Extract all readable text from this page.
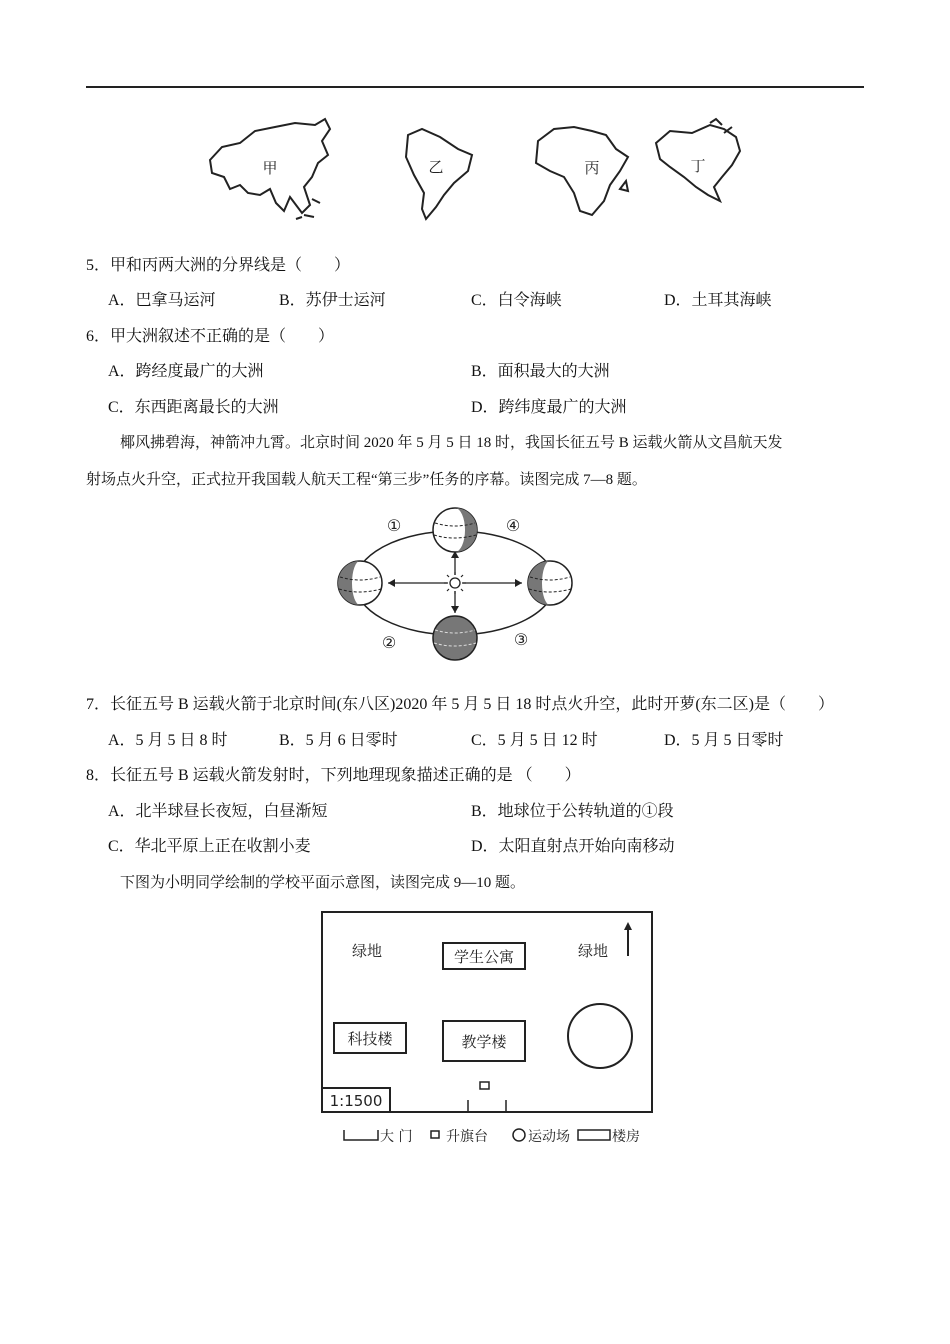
甲	乙	丙	丁
5．甲和丙两大洲的分界线是（　　）
A．巴拿马运河	B．苏伊士运河	C．白令海峡	D．土耳其海峡
6．甲大洲叙述不正确的是（　　）
A．跨经度最广的大洲	B．面积最大的大洲
C．东西距离最长的大洲	D．跨纬度最广的大洲
椰风拂碧海，神箭冲九霄。北京时间 2020 年 5 月 5 日 18 时，我国长征五号 B 运载火箭从文昌航天发
射场点火升空，正式拉开我国载人航天工程“第三步”任务的序幕。读图完成 7—8 题。
①	④
②	③
7．长征五号 B 运载火箭于北京时间(东八区)2020 年 5 月 5 日 18 时点火升空，此时开萝(东二区)是（　　）
A．5 月 5 日 8 时	B．5 月 6 日零时	C．5 月 5 日 12 时	D．5 月 5 日零时
8．长征五号 B 运载火箭发射时，下列地理现象描述正确的是 （　　）
A．北半球昼长夜短，白昼渐短	B．地球位于公转轨道的①段
C．华北平原上正在收割小麦	D．太阳直射点开始向南移动
下图为小明同学绘制的学校平面示意图，读图完成 9—10 题。
绿地	学生公寓	绿地
科技楼	教学楼
1:1500
大 门 升旗台	运动场	楼房
